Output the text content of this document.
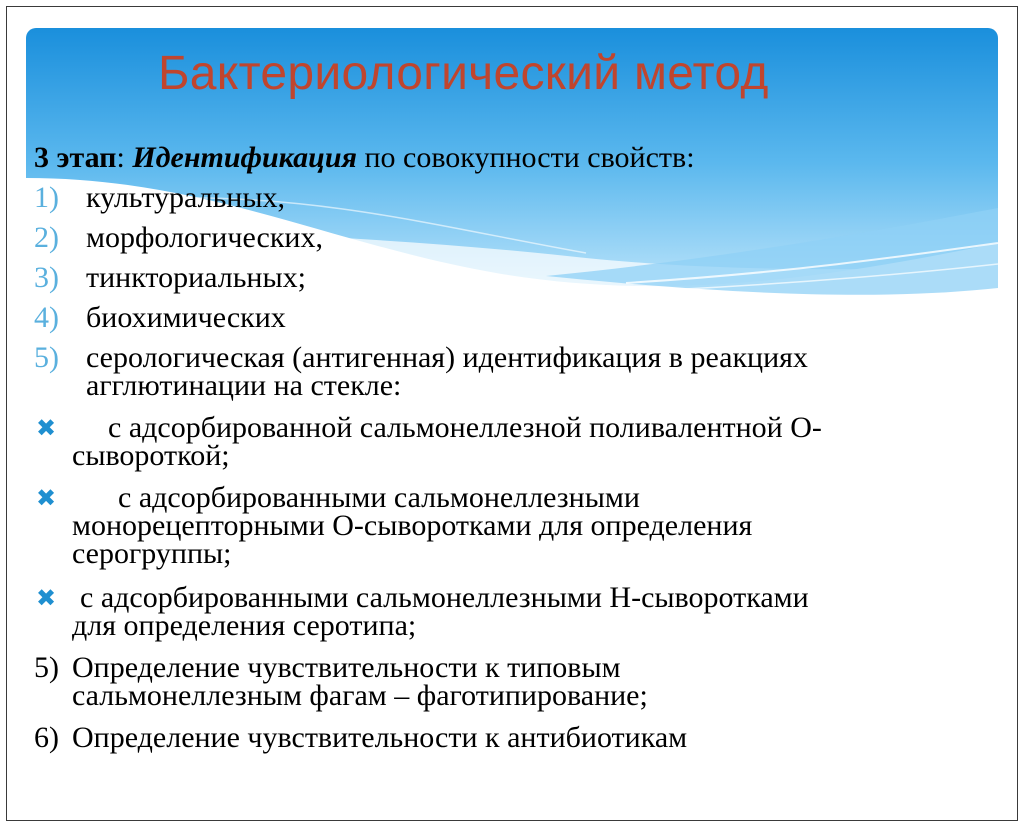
Бактериологический метод
3 этап: Идентификация по совокупности свойств:
1) культуральных,
2) морфологических,
3) тинкториальных;
4) биохимических
5) серологическая (антигенная) идентификация в реакциях
агглютинации на стекле:
✖ с адсорбированной сальмонеллезной поливалентной О-
сывороткой;
✖ с адсорбированными сальмонеллезными
монорецепторными О-сыворотками для определения
серогруппы;
✖ с адсорбированными сальмонеллезными Н-сыворотками
для определения серотипа;
5) Определение чувствительности к типовым
сальмонеллезным фагам – фаготипирование;
6) Определение чувствительности к антибиотикам
